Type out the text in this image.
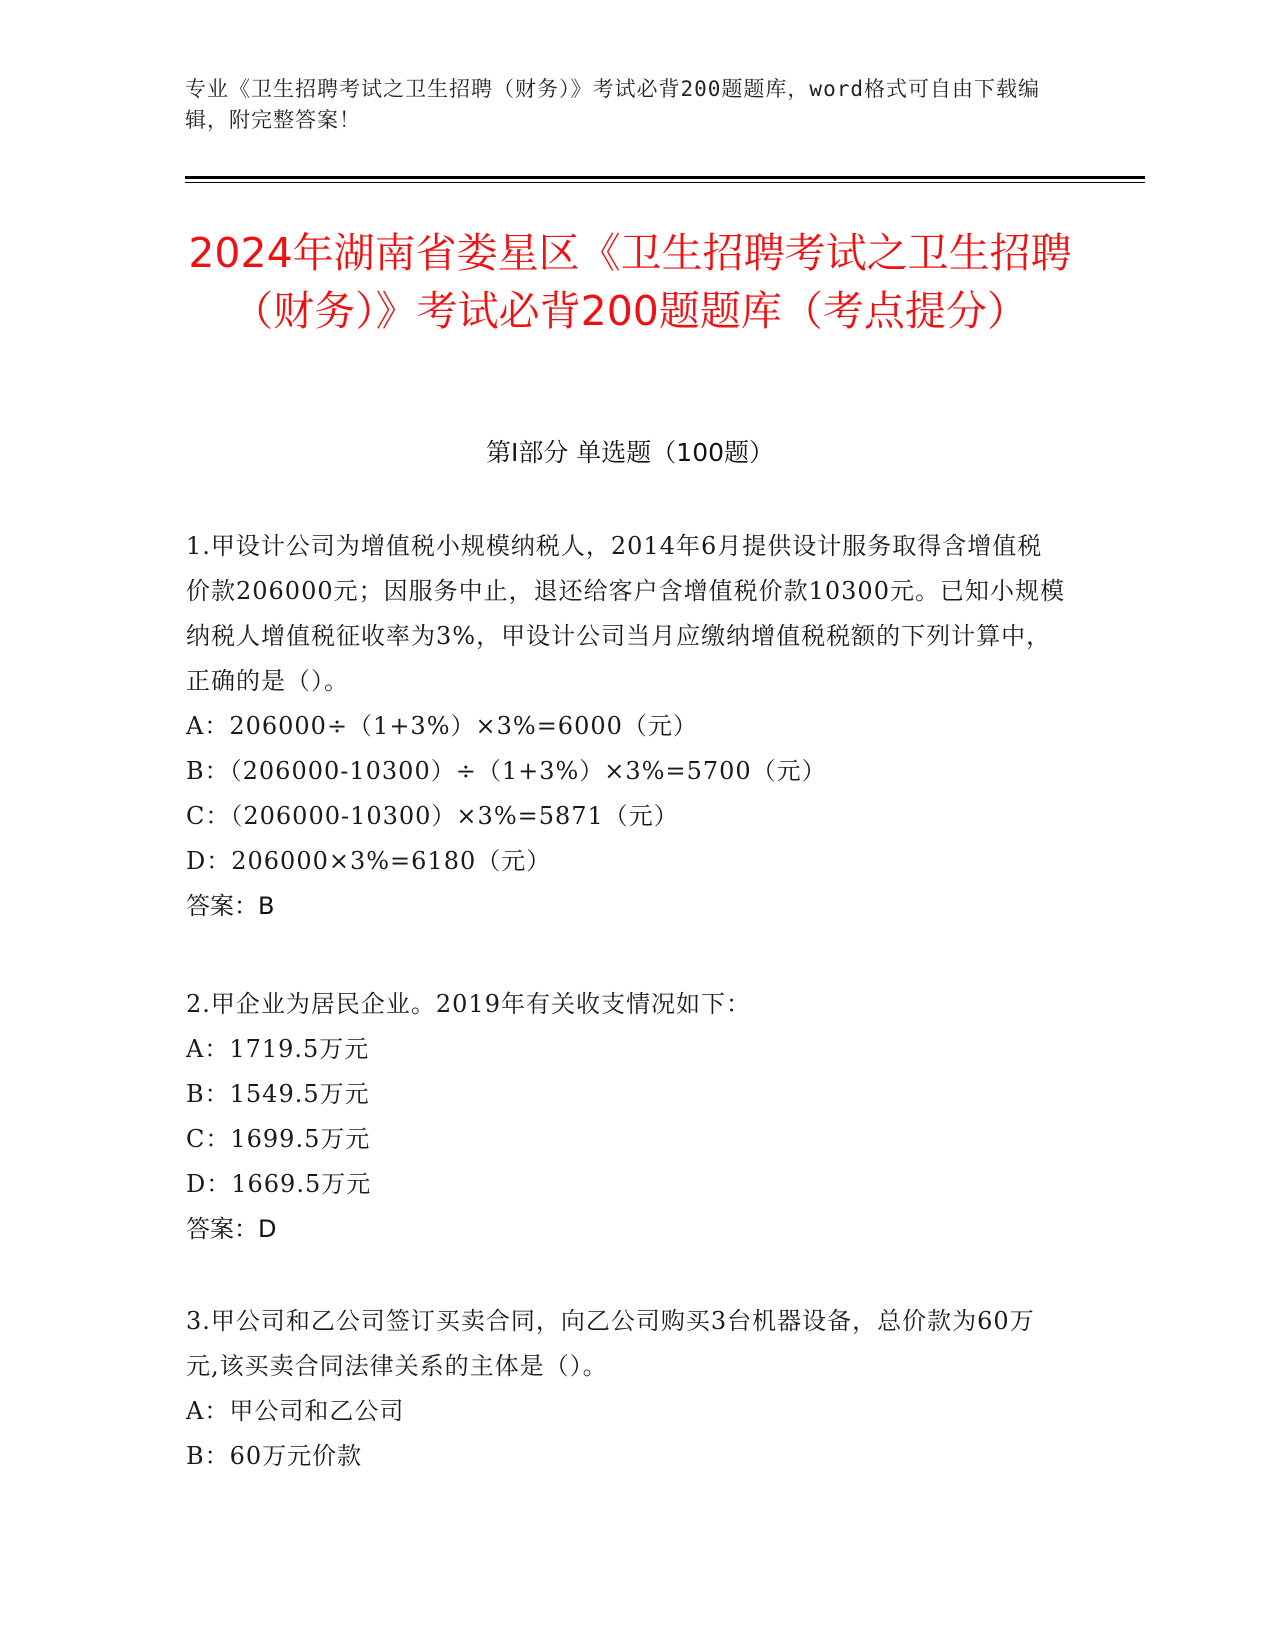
专业《卫生招聘考试之卫生招聘（财务）》考试必背200题题库，word格式可自由下载编辑，附完整答案！
2024年湖南省娄星区《卫生招聘考试之卫生招聘（财务）》考试必背200题题库（考点提分）
第Ⅰ部分 单选题（100题）
1.甲设计公司为增值税小规模纳税人，2014年6月提供设计服务取得含增值税价款206000元；因服务中止，退还给客户含增值税价款10300元。已知小规模纳税人增值税征收率为3%，甲设计公司当月应缴纳增值税税额的下列计算中，正确的是（）。
A：206000÷（1+3%）×3%=6000（元）
B：（206000-10300）÷（1+3%）×3%=5700（元）
C：（206000-10300）×3%=5871（元）
D：206000×3%=6180（元）
答案：B
2.甲企业为居民企业。2019年有关收支情况如下：
A：1719.5万元
B：1549.5万元
C：1699.5万元
D：1669.5万元
答案：D
3.甲公司和乙公司签订买卖合同，向乙公司购买3台机器设备，总价款为60万元,该买卖合同法律关系的主体是（）。
A：甲公司和乙公司
B：60万元价款
